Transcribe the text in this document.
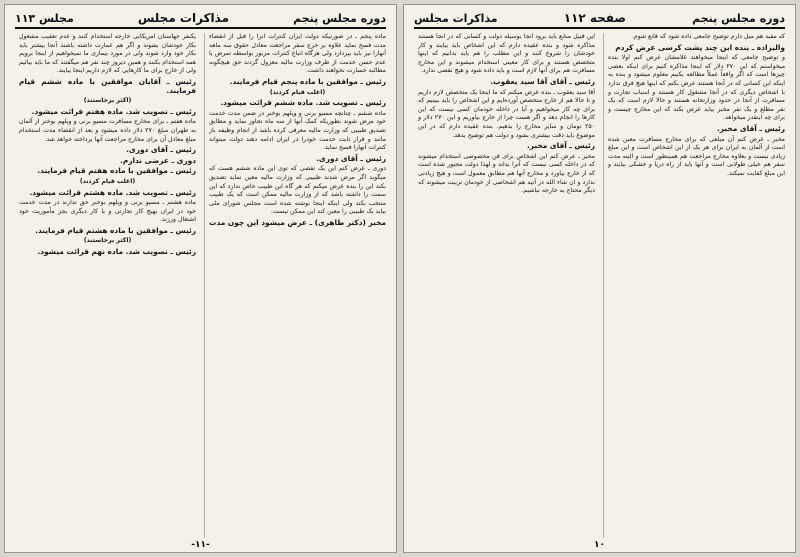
دوره مجلس پنجم
مذاکرات مجلس
مجلس ۱۱۳

ماده پنجم ـ در صورتیکه دولت ایران کنترات آنرا را قبل از انقضاء مدت فسخ نماید علاوه بر خرج سفر مراجعت معادل حقوق سه ماهه آنهارا نیز باید بپردازد ولی هرگاه اتباع کنترات مزبور بواسطه تمرض یا عدم حسن خدمت از طرف وزارت مالیه معزول گردند حق هیچگونه مطالبه خسارت نخواهند داشت.

رئیس ـ موافقین با ماده پنجم قیام فرمایند.

(اغلب قیام کردند)

رئیس ـ تصویب شد. ماده ششم قرائت میشود.

ماده ششم ـ چنانچه مسیو برنی و ویلهم بوخنر در ضمن مدت خدمت خود مرض شوند بطوریکه کمک آنها از سه ماه تجاوز نماید و مطابق تصدیق طبیبی که وزارت مالیه معرفی کرده باشد از انجام وظیفه باز مانند و قرار ثابت خدمت خودرا در ایران ادامه دهند دولت میتواند کنترات آنهارا فسخ نماید.

رئیس ـ آقای دوری.

دوری ـ عرض کنم این یک نقصی که توی این ماده ششم هست که میگوید اگر مرض شدند طبیبی که وزارت مالیه معین نماید تصدیق بکند این را بنده عرض میکنم که هر گاه این طبیب خاص ندارد که این سمت را داشته باشد که از وزارت مالیه ممکن است که یک طبیب منتخب بکند ولی اینکه اینجا نوشته شده است مجلس شورای ملی بیاید یک طبیبی را معین کند این ممکن نیست.

مخبر (دکتر طاهری) ـ عرض میشود این چون مدت

یکنفر جهاستان آمریکایی خارجه استخدام کنند و عدم تعقیب مشغول بکار خودشان بشوند و اگر هم عمارت داشته باشند آنجا بیشتر باید بکار خود وارد شوند ولی در مورد بیماری ما نمیخواهیم از اینجا برویم همه استخدام بکنند و همین دیروز چند نفر هم میگفتند که ما باید بیائیم ولی از خارج برای ما کارهایی که لازم داریم اینجا بیایند.

رئیس ـ آقایان موافقین با ماده ششم قیام فرمایند.

(اکثر برخاستند)

رئیس ـ تصویب شد. ماده هفتم قرائت میشود.

ماده هفتم ـ برای مخارج مسافرت مسیو برنی و ویلهم بوخنر از آلمان به طهران مبلغ ۲۷۰ دلار داده میشود و بعد از انقضاء مدت استخدام مبلغ معادل آن برای مخارج مراجعت آنها پرداخته خواهد شد.

رئیس ـ آقای دوری.

دوری ـ عرضی ندارم.

رئیس ـ موافقین با ماده هفتم قیام فرمایند.

(اغلب قیام کردند)

رئیس ـ تصویب شد. ماده هشتم قرائت میشود.

ماده هشتم ـ مسیو برنی و ویلهم بوخنر حق ندارند در مدت خدمت خود در ایران بهیچ کار تجارتی و یا کار دیگری بجز مأموریت خود اشتغال ورزند.

رئیس ـ موافقین با ماده هشتم قیام فرمایند.

(اکثر برخاستند)

رئیس ـ تصویب شد. ماده نهم قرائت میشود.

-۱۱-
دوره مجلس پنجم
صفحه ۱۱۲
مذاکرات مجلس

که مفید هم میل دارم توضیح جامعی داده شود که قانع شوم.

والیزاده ـ بنده این چند پشت کرسی عرض کردم

و توضیح جامعی که اینجا میخواهند غلامشان عرض کنم اولا بنده میخواستم که این ۲۷۰ دلار که اینجا مذاکره کنیم برای اینکه بعضی چیزها است که اگر واقعاً عملاً مطالعه بکنیم معلوم میشود و بنده به اینکه این کسانی که در آنجا هستند عرض بکنم که اینها هیچ فرق ندارد با اشخاص دیگری که در آنجا مشغول کار هستند و اسباب تجارت و مسافرت از آنجا در حدود وزارتخانه هستند و حالا لازم است که یک نفر مطلع و یک نفر مخبر بیاید عرض بکند که این مخارج چیست و برای چه اینقدر میخواهد.

رئیس ـ آقای مخبر.

مخبر ـ عرض کنم آن مبلغی که برای مخارج مسافرت معین شده است از آلمان به ایران برای هر یک از این اشخاص است و این مبلغ زیادی نیست و بعلاوه مخارج مراجعت هم همینطور است و البته مدت سفر هم خیلی طولانی است و آنها باید از راه دریا و خشکی بیایند و این مبلغ کفایت نمیکند.

این قبیل منابع باید برود آنجا بوسیله دولت و کسانی که در آنجا هستند مذاکره شود و بنده عقیده دارم که این اشخاص باید بیایند و کار خودشان را شروع کنند و این مطلب را هم باید بدانیم که اینها متخصص هستند و برای کار معینی استخدام میشوند و این مخارج مسافرت هم برای آنها لازم است و باید داده شود و هیچ نقصی ندارد.

رئیس ـ آقای آقا سید یعقوب.

آقا سید یعقوب ـ بنده عرض میکنم که ما اینجا یک متخصص لازم داریم و تا حالا هم از خارج متخصص آورده‌ایم و این اشخاص را باید ببینیم که برای چه کار میخواهیم و آیا در داخله خودمان کسی نیست که این کارها را انجام دهد و اگر هست چرا از خارج بیاوریم و این ۲۷۰ دلار و ۲۵۰ تومان و سایر مخارج را بدهیم. بنده عقیده دارم که در این موضوع باید دقت بیشتری بشود و دولت هم توضیح بدهد.

رئیس ـ آقای مخبر.

مخبر ـ عرض کنم این اشخاص برای فن مخصوصی استخدام میشوند که در داخله کسی نیست که آنرا بداند و لهذا دولت مجبور شده است که از خارج بیاورد و مخارج آنها هم مطابق معمول است و هیچ زیادتی ندارد و ان شاء الله در آتیه هم اشخاصی از خودمان تربیت میشوند که دیگر محتاج به خارجه نباشیم.

۱۰
